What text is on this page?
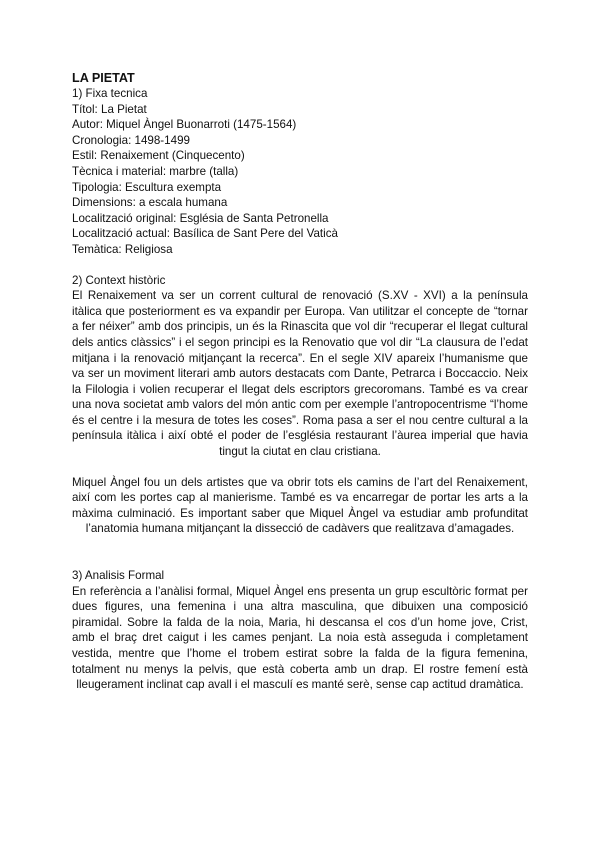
LA PIETAT

1) Fixa tecnica

Títol: La Pietat

Autor: Miquel Àngel Buonarroti (1475-1564)

Cronologia: 1498-1499

Estil: Renaixement (Cinquecento)

Tècnica i material: marbre (talla)

Tipologia: Escultura exempta

Dimensions: a escala humana

Localització original: Església de Santa Petronella

Localització actual: Basílica de Sant Pere del Vaticà

Temàtica: Religiosa

2) Context històric

El Renaixement va ser un corrent cultural de renovació (S.XV - XVI) a la península itàlica que posteriorment es va expandir per Europa. Van utilitzar el concepte de “tornar a fer néixer” amb dos principis, un és la Rinascita que vol dir “recuperar el llegat cultural dels antics clàssics” i el segon principi es la Renovatio que vol dir “La clausura de l’edat mitjana i la renovació mitjançant la recerca”. En el segle XIV apareix l’humanisme que va ser un moviment literari amb autors destacats com Dante, Petrarca i Boccaccio. Neix la Filologia i volien recuperar el llegat dels escriptors grecoromans. També es va crear una nova societat amb valors del món antic com per exemple l’antropocentrisme “l’home és el centre i la mesura de totes les coses”. Roma pasa a ser el nou centre cultural a la península itàlica i així obté el poder de l’església restaurant l’àurea imperial que havia tingut la ciutat en clau cristiana.

Miquel Àngel fou un dels artistes que va obrir tots els camins de l’art del Renaixement, així com les portes cap al manierisme. També es va encarregar de portar les arts a la màxima culminació. Es important saber que Miquel Àngel va estudiar amb profunditat l’anatomia humana mitjançant la dissecció de cadàvers que realitzava d’amagades.

3) Analisis Formal

En referència a l’anàlisi formal, Miquel Àngel ens presenta un grup escultòric format per dues figures, una femenina i una altra masculina, que dibuixen una composició piramidal. Sobre la falda de la noia, Maria, hi descansa el cos d’un home jove, Crist, amb el braç dret caigut i les cames penjant. La noia està asseguda i completament vestida, mentre que l’home el trobem estirat sobre la falda de la figura femenina, totalment nu menys la pelvis, que està coberta amb un drap. El rostre femení està lleugerament inclinat cap avall i el masculí es manté serè, sense cap actitud dramàtica.
